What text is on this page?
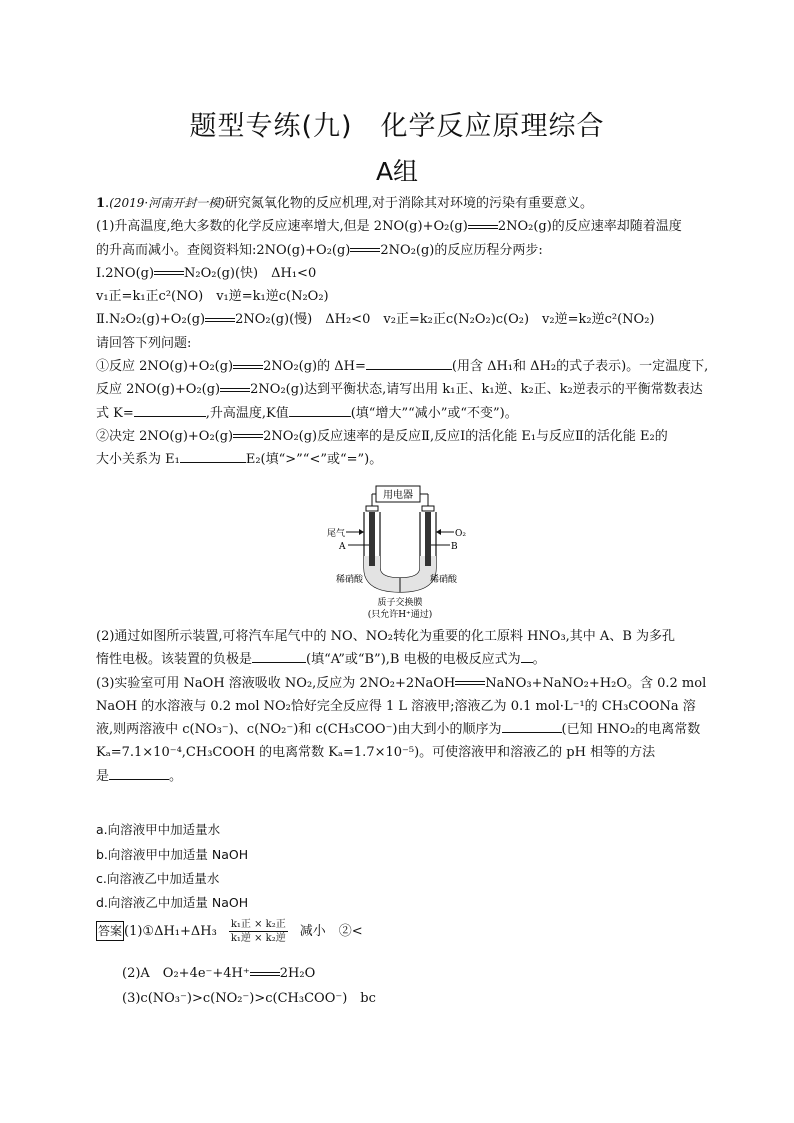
题型专练(九)　化学反应原理综合
A组

1.(2019·河南开封一模)研究氮氧化物的反应机理,对于消除其对环境的污染有重要意义。

(1)升高温度,绝大多数的化学反应速率增大,但是 2NO(g)+O₂(g) 2NO₂(g)的反应速率却随着温度

的升高而减小。查阅资料知:2NO(g)+O₂(g) 2NO₂(g)的反应历程分两步:

Ⅰ.2NO(g) N₂O₂(g)(快)　ΔH₁<0

v₁正=k₁正c²(NO)　v₁逆=k₁逆c(N₂O₂)

Ⅱ.N₂O₂(g)+O₂(g) 2NO₂(g)(慢)　ΔH₂<0　v₂正=k₂正c(N₂O₂)c(O₂)　v₂逆=k₂逆c²(NO₂)

请回答下列问题:

①反应 2NO(g)+O₂(g) 2NO₂(g)的 ΔH=	(用含 ΔH₁和 ΔH₂的式子表示)。一定温度下,

反应 2NO(g)+O₂(g) 2NO₂(g)达到平衡状态,请写出用 k₁正、k₁逆、k₂正、k₂逆表示的平衡常数表达

式 K=	,升高温度,K值	(填“增大”“减小”或“不变”)。

②决定 2NO(g)+O₂(g) 2NO₂(g)反应速率的是反应Ⅱ,反应Ⅰ的活化能 E₁与反应Ⅱ的活化能 E₂的

大小关系为 E₁	E₂(填“>”“<”或“=”)。

用电器
尾气
A
O₂
B
稀硝酸	稀硝酸
质子交换膜
(只允许H⁺通过)

(2)通过如图所示装置,可将汽车尾气中的 NO、NO₂转化为重要的化工原料 HNO₃,其中 A、B 为多孔

惰性电极。该装置的负极是	(填“A”或“B”),B 电极的电极反应式为 。

(3)实验室可用 NaOH 溶液吸收 NO₂,反应为 2NO₂+2NaOH NaNO₃+NaNO₂+H₂O。含 0.2 mol

NaOH 的水溶液与 0.2 mol NO₂恰好完全反应得 1 L 溶液甲;溶液乙为 0.1 mol·L⁻¹的 CH₃COONa 溶

液,则两溶液中 c(NO₃⁻)、c(NO₂⁻)和 c(CH₃COO⁻)由大到小的顺序为	(已知 HNO₂的电离常数

Kₐ=7.1×10⁻⁴,CH₃COOH 的电离常数 Kₐ=1.7×10⁻⁵)。可使溶液甲和溶液乙的 pH 相等的方法

是	。

a.向溶液甲中加适量水
b.向溶液甲中加适量 NaOH
c.向溶液乙中加适量水
d.向溶液乙中加适量 NaOH
答案 (1)①ΔH₁+ΔH₃ $\frac{\text{k₁正 × k₂正}}{\text{k₁逆 × k₂逆}}$ 减小　②<
(2)A　O₂+4e⁻+4H⁺ 2H₂O
(3)c(NO₃⁻)>c(NO₂⁻)>c(CH₃COO⁻)　bc
